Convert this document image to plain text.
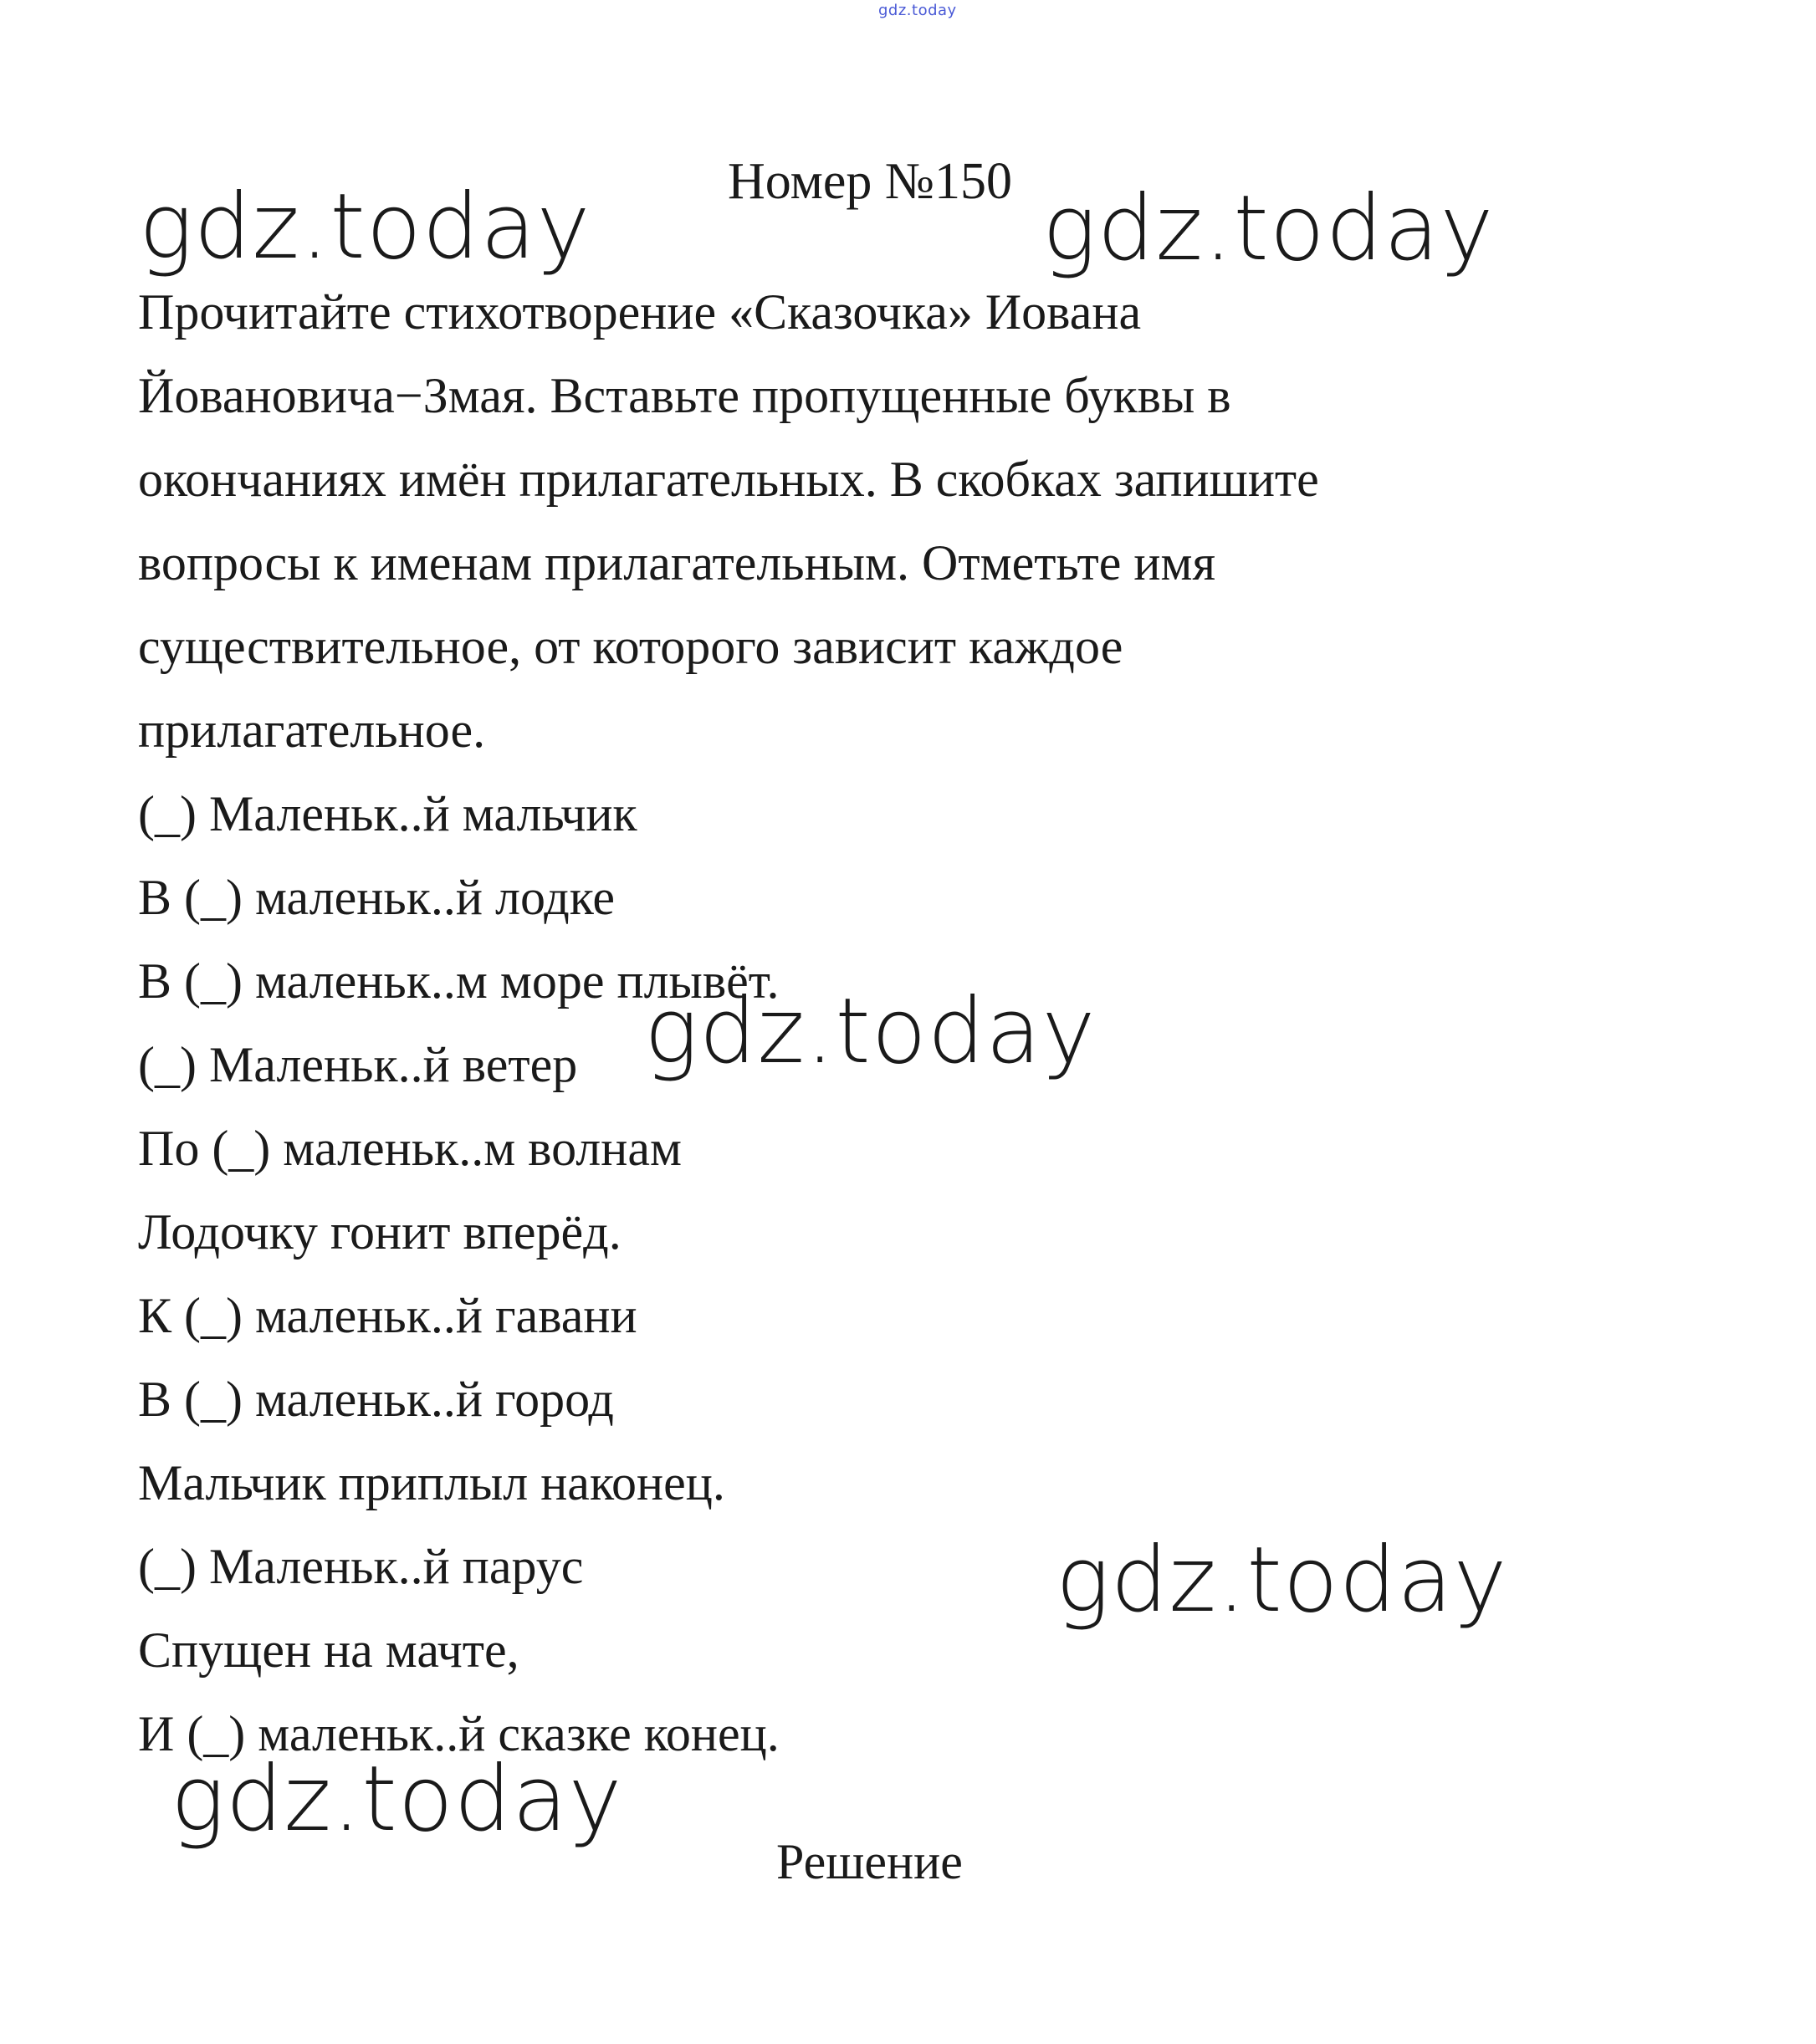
gdz.today
Номер №150
Прочитайте стихотворение «Сказочка» Иована
Йовановича−Змая. Вставьте пропущенные буквы в
окончаниях имён прилагательных. В скобках запишите
вопросы к именам прилагательным. Отметьте имя
существительное, от которого зависит каждое
прилагательное.
(_) Маленьк..й мальчик
В (_) маленьк..й лодке
В (_) маленьк..м море плывёт.
(_) Маленьк..й ветер
По (_) маленьк..м волнам
Лодочку гонит вперёд.
К (_) маленьк..й гавани
В (_) маленьк..й город
Мальчик приплыл наконец.
(_) Маленьк..й парус
Спущен на мачте,
И (_) маленьк..й сказке конец.
Решение
gdz.today	gdz.today
gdz.today
gdz.today
gdz.today
